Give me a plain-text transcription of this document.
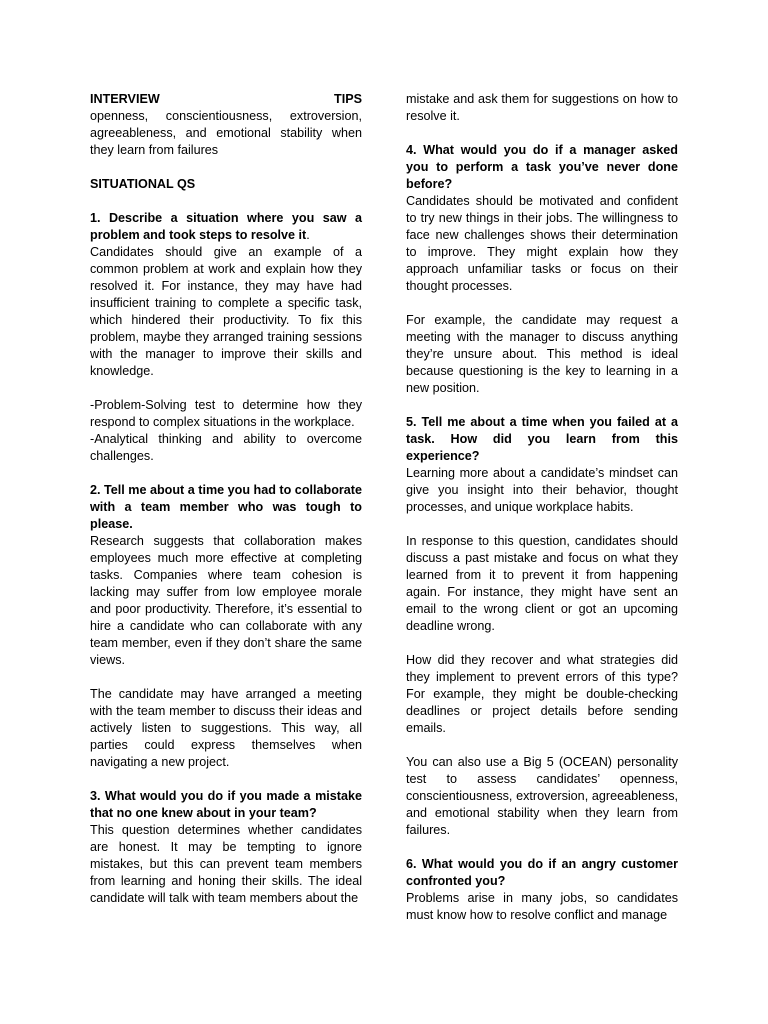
INTERVIEW	TIPS

openness, conscientiousness, extroversion, agreeableness, and emotional stability when they learn from failures

SITUATIONAL QS

1. Describe a situation where you saw a problem and took steps to resolve it.

Candidates should give an example of a common problem at work and explain how they resolved it. For instance, they may have had insufficient training to complete a specific task, which hindered their productivity. To fix this problem, maybe they arranged training sessions with the manager to improve their skills and knowledge.

-Problem-Solving test to determine how they respond to complex situations in the workplace.

-Analytical thinking and ability to overcome challenges.

2. Tell me about a time you had to collaborate with a team member who was tough to please.

Research suggests that collaboration makes employees much more effective at completing tasks. Companies where team cohesion is lacking may suffer from low employee morale and poor productivity. Therefore, it’s essential to hire a candidate who can collaborate with any team member, even if they don’t share the same views.

The candidate may have arranged a meeting with the team member to discuss their ideas and actively listen to suggestions. This way, all parties could express themselves when navigating a new project.

3. What would you do if you made a mistake that no one knew about in your team?

This question determines whether candidates are honest. It may be tempting to ignore mistakes, but this can prevent team members from learning and honing their skills. The ideal candidate will talk with team members about the

mistake and ask them for suggestions on how to resolve it.

4. What would you do if a manager asked you to perform a task you’ve never done before?

Candidates should be motivated and confident to try new things in their jobs. The willingness to face new challenges shows their determination to improve. They might explain how they approach unfamiliar tasks or focus on their thought processes.

For example, the candidate may request a meeting with the manager to discuss anything they’re unsure about. This method is ideal because questioning is the key to learning in a new position.

5. Tell me about a time when you failed at a task. How did you learn from this experience?

Learning more about a candidate’s mindset can give you insight into their behavior, thought processes, and unique workplace habits.

In response to this question, candidates should discuss a past mistake and focus on what they learned from it to prevent it from happening again. For instance, they might have sent an email to the wrong client or got an upcoming deadline wrong.

How did they recover and what strategies did they implement to prevent errors of this type? For example, they might be double-checking deadlines or project details before sending emails.

You can also use a Big 5 (OCEAN) personality test to assess candidates’ openness, conscientiousness, extroversion, agreeableness, and emotional stability when they learn from failures.

6. What would you do if an angry customer confronted you?

Problems arise in many jobs, so candidates must know how to resolve conflict and manage
